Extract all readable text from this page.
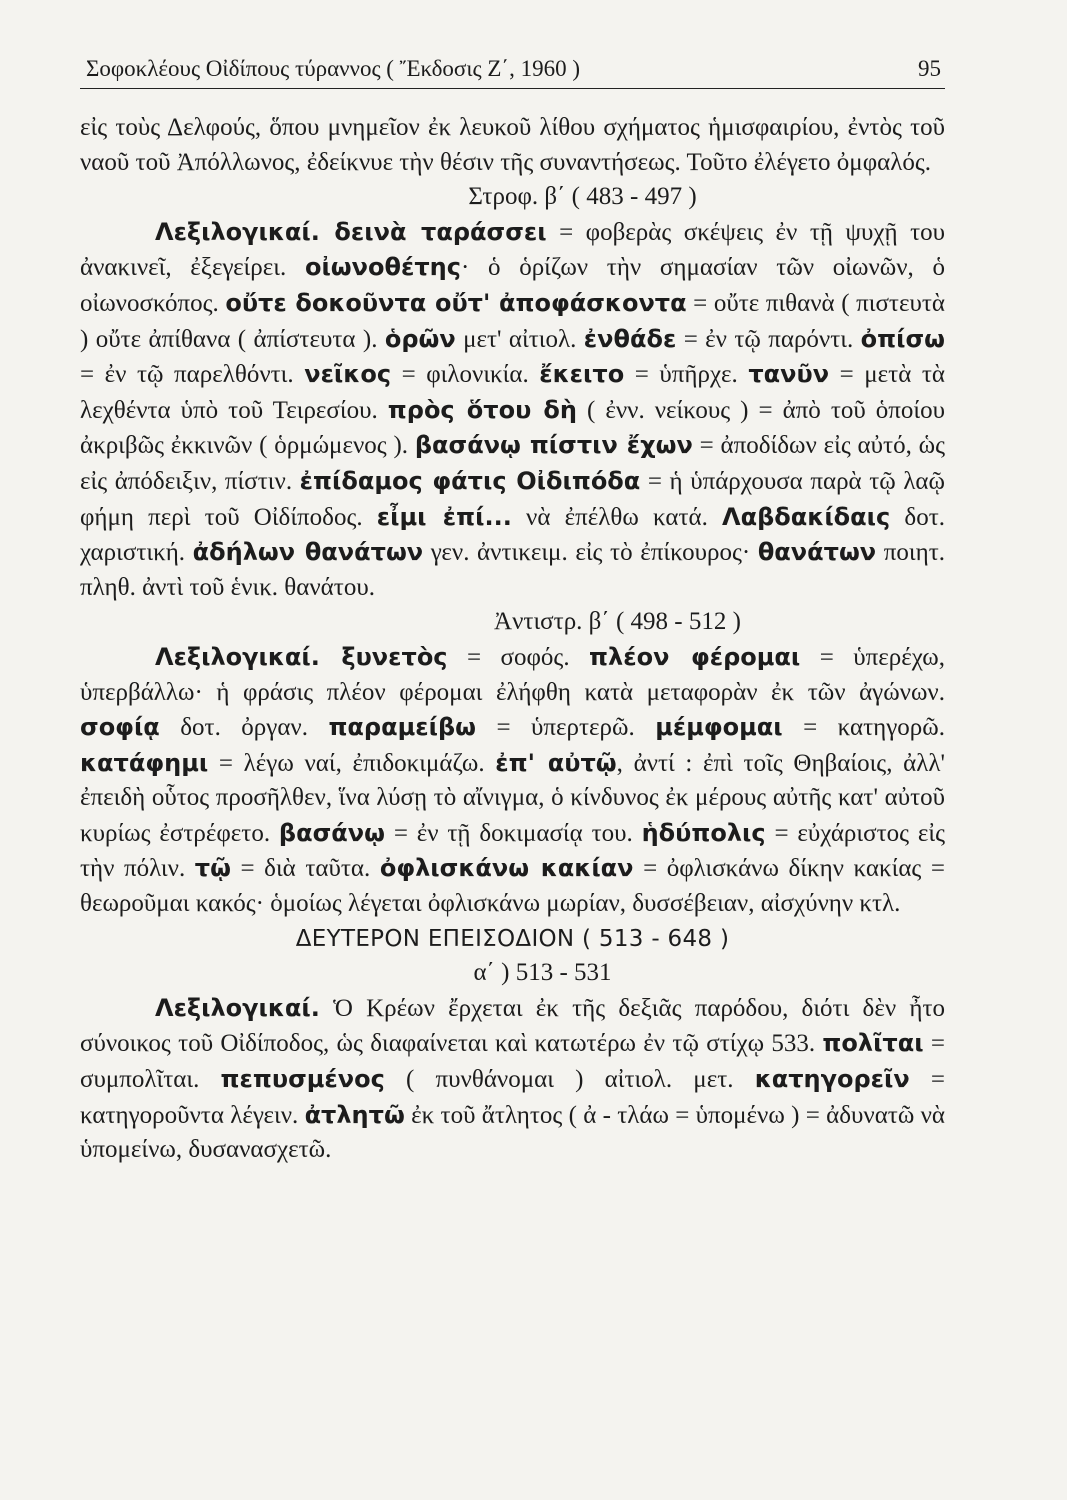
Σοφοκλέους Οἰδίπους τύραννος ( Ἔκδοσις Ζ΄, 1960 )	95

εἰς τοὺς Δελφούς, ὅπου μνημεῖον ἐκ λευκοῦ λίθου σχήματος ἡμισφαιρίου, ἐντὸς τοῦ ναοῦ τοῦ Ἀπόλλωνος, ἐδείκνυε τὴν θέσιν τῆς συναντήσεως. Τοῦτο ἐλέγετο ὀμφαλός.

Στροφ. β΄ ( 483 - 497 )

Λεξιλογικαί. δεινὰ ταράσσει = φοβερὰς σκέψεις ἐν τῇ ψυχῇ του ἀνακινεῖ, ἐξεγείρει. οἰωνοθέτης· ὁ ὁρίζων τὴν σημασίαν τῶν οἰωνῶν, ὁ οἰωνοσκόπος. οὔτε δοκοῦντα οὔτ' ἀποφάσκοντα = οὔτε πιθανὰ ( πιστευτὰ ) οὔτε ἀπίθανα ( ἀπίστευτα ). ὁρῶν μετ' αἰτιολ. ἐνθάδε = ἐν τῷ παρόντι. ὀπίσω = ἐν τῷ παρελθόντι. νεῖκος = φιλονικία. ἔκειτο = ὑπῆρχε. τανῦν = μετὰ τὰ λεχθέντα ὑπὸ τοῦ Τειρεσίου. πρὸς ὅτου δὴ ( ἐνν. νείκους ) = ἀπὸ τοῦ ὁποίου ἀκριβῶς ἐκκινῶν ( ὁρμώμενος ). βασάνῳ πίστιν ἔχων = ἀποδίδων εἰς αὐτό, ὡς εἰς ἀπόδειξιν, πίστιν. ἐπίδαμος φάτις Οἰδιπόδα = ἡ ὑπάρχουσα παρὰ τῷ λαῷ φήμη περὶ τοῦ Οἰδίποδος. εἶμι ἐπί... νὰ ἐπέλθω κατά. Λαβδακίδαις δοτ. χαριστική. ἀδήλων θανάτων γεν. ἀντικειμ. εἰς τὸ ἐπίκουρος· θανάτων ποιητ. πληθ. ἀντὶ τοῦ ἑνικ. θανάτου.

Ἀντιστρ. β΄ ( 498 - 512 )

Λεξιλογικαί. ξυνετὸς = σοφός. πλέον φέρομαι = ὑπερέχω, ὑπερβάλλω· ἡ φράσις πλέον φέρομαι ἐλήφθη κατὰ μεταφορὰν ἐκ τῶν ἀγώνων. σοφίᾳ δοτ. ὀργαν. παραμείβω = ὑπερτερῶ. μέμφομαι = κατηγορῶ. κατάφημι = λέγω ναί, ἐπιδοκιμάζω. ἐπ' αὐτῷ, ἀντί : ἐπὶ τοῖς Θηβαίοις, ἀλλ' ἐπειδὴ οὗτος προσῆλθεν, ἵνα λύσῃ τὸ αἴνιγμα, ὁ κίνδυνος ἐκ μέρους αὐτῆς κατ' αὐτοῦ κυρίως ἐστρέφετο. βασάνῳ = ἐν τῇ δοκιμασίᾳ του. ἡδύπολις = εὐχάριστος εἰς τὴν πόλιν. τῷ = διὰ ταῦτα. ὀφλισκάνω κακίαν = ὀφλισκάνω δίκην κακίας = θεωροῦμαι κακός· ὁμοίως λέγεται ὀφλισκάνω μωρίαν, δυσσέβειαν, αἰσχύνην κτλ.

ΔΕΥΤΕΡΟΝ ΕΠΕΙΣΟΔΙΟΝ ( 513 - 648 )

α΄ ) 513 - 531

Λεξιλογικαί. Ὁ Κρέων ἔρχεται ἐκ τῆς δεξιᾶς παρόδου, διότι δὲν ἦτο σύνοικος τοῦ Οἰδίποδος, ὡς διαφαίνεται καὶ κατωτέρω ἐν τῷ στίχῳ 533. πολῖται = συμπολῖται. πεπυσμένος ( πυνθάνομαι ) αἰτιολ. μετ. κατηγορεῖν = κατηγοροῦντα λέγειν. ἀτλητῶ ἐκ τοῦ ἄτλητος ( ἀ - τλάω = ὑπομένω ) = ἀδυνατῶ νὰ ὑπομείνω, δυσανασχετῶ.
